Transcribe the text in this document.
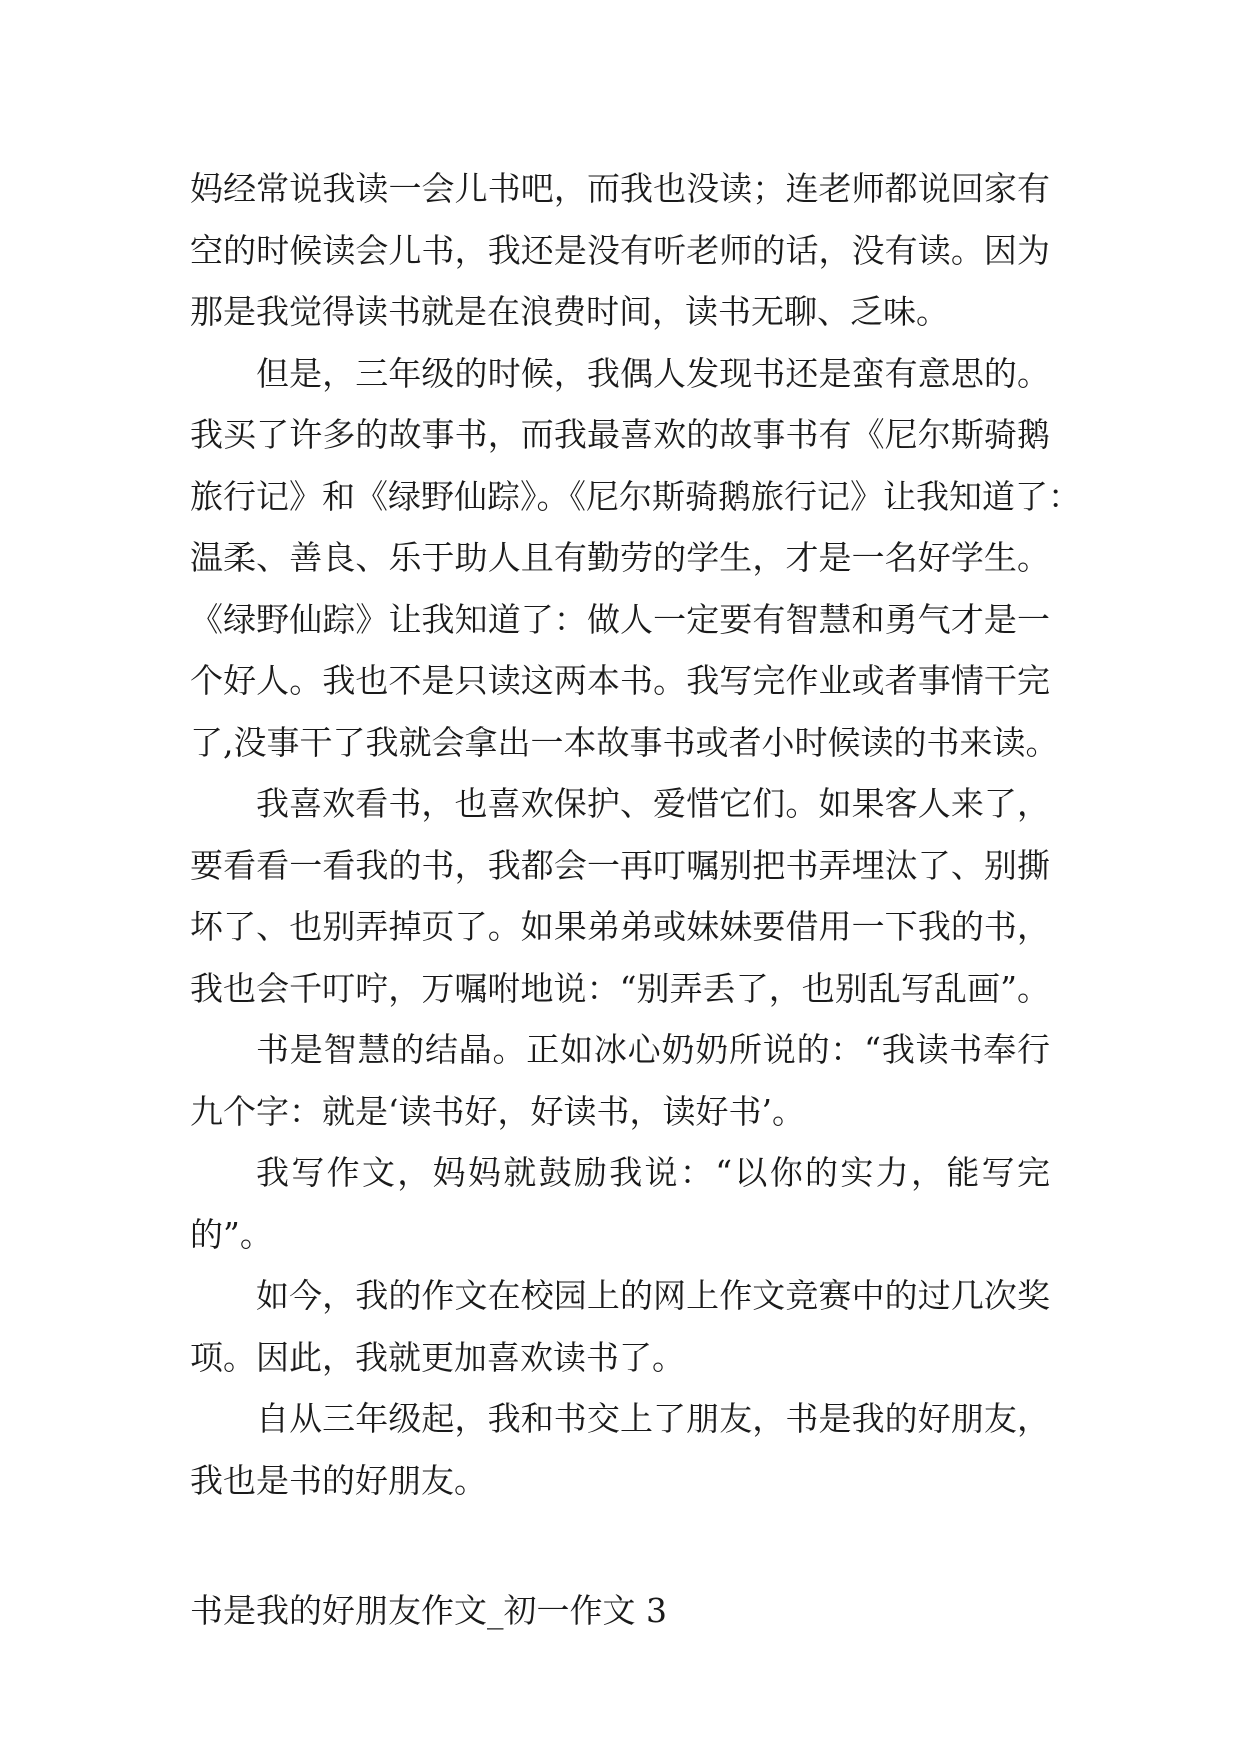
妈经常说我读一会儿书吧，而我也没读；连老师都说回家有
空的时候读会儿书，我还是没有听老师的话，没有读。因为
那是我觉得读书就是在浪费时间，读书无聊、乏味。
但是，三年级的时候，我偶人发现书还是蛮有意思的。
我买了许多的故事书，而我最喜欢的故事书有《尼尔斯骑鹅
旅行记》和《绿野仙踪》。《尼尔斯骑鹅旅行记》让我知道了：
温柔、善良、乐于助人且有勤劳的学生，才是一名好学生。
《绿野仙踪》让我知道了：做人一定要有智慧和勇气才是一
个好人。我也不是只读这两本书。我写完作业或者事情干完
了,没事干了我就会拿出一本故事书或者小时候读的书来读。
我喜欢看书，也喜欢保护、爱惜它们。如果客人来了，
要看看一看我的书，我都会一再叮嘱别把书弄埋汰了、别撕
坏了、也别弄掉页了。如果弟弟或妹妹要借用一下我的书，
我也会千叮咛，万嘱咐地说：“别弄丢了，也别乱写乱画”。
书是智慧的结晶。正如冰心奶奶所说的：“我读书奉行
九个字：就是‘读书好，好读书，读好书’。
我写作文，妈妈就鼓励我说：“以你的实力，能写完
的”。
如今，我的作文在校园上的网上作文竞赛中的过几次奖
项。因此，我就更加喜欢读书了。
自从三年级起，我和书交上了朋友，书是我的好朋友，
我也是书的好朋友。
书是我的好朋友作文_初一作文 3
